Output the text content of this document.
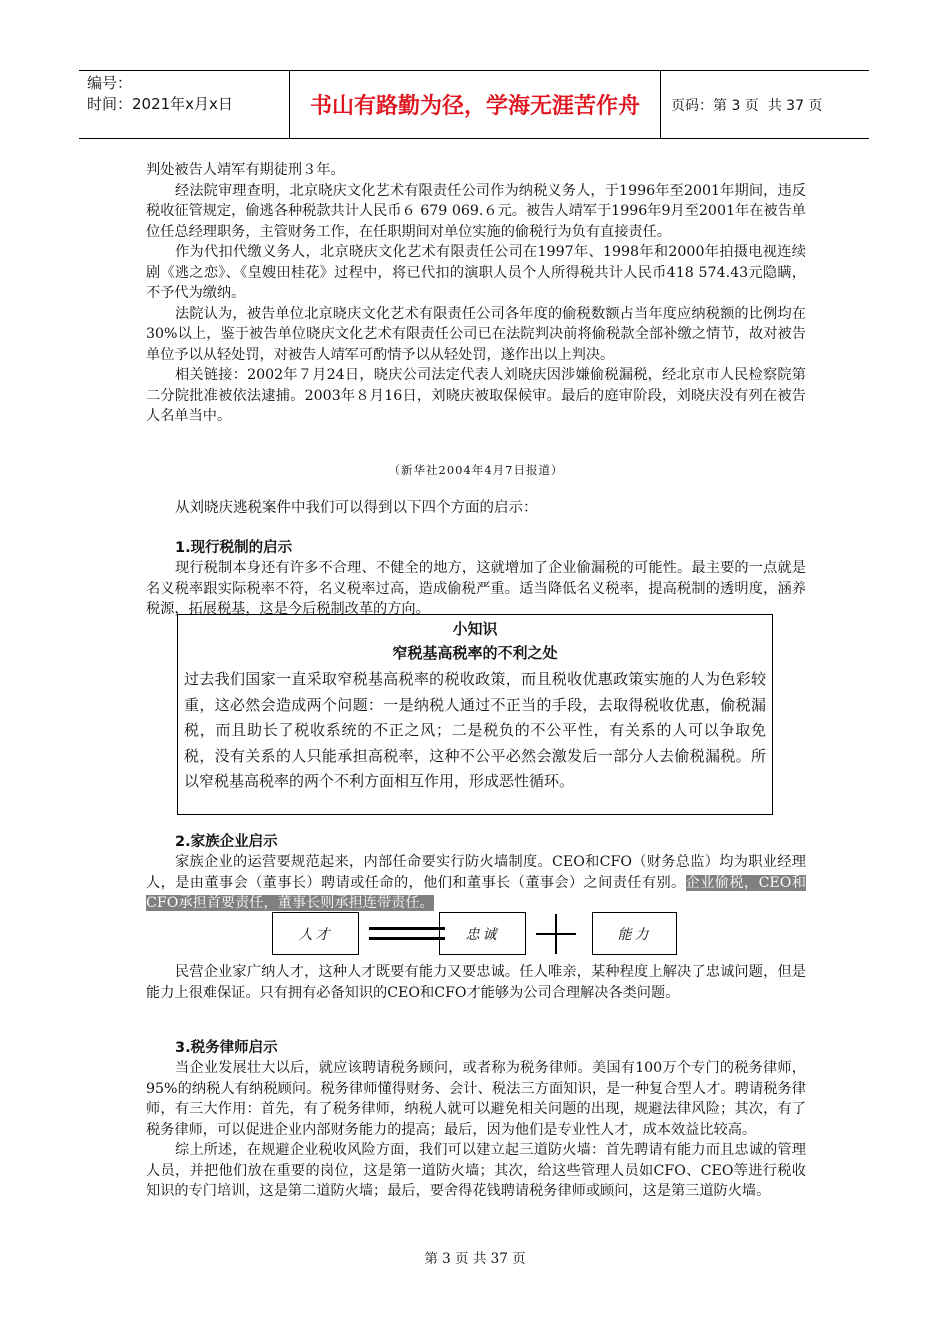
编号：
时间：2021年x月x日	书山有路勤为径，学海无涯苦作舟	页码：第 3 页  共 37 页

判处被告人靖军有期徒刑３年。

经法院审理查明，北京晓庆文化艺术有限责任公司作为纳税义务人，于1996年至2001年期间，违反税收征管规定，偷逃各种税款共计人民币６ 679 069.６元。被告人靖军于1996年9月至2001年在被告单位任总经理职务，主管财务工作，在任职期间对单位实施的偷税行为负有直接责任。

作为代扣代缴义务人，北京晓庆文化艺术有限责任公司在1997年、1998年和2000年拍摄电视连续剧《逃之恋》、《皇嫂田桂花》过程中，将已代扣的演职人员个人所得税共计人民币418 574.43元隐瞒，不予代为缴纳。

法院认为，被告单位北京晓庆文化艺术有限责任公司各年度的偷税数额占当年度应纳税额的比例均在30%以上，鉴于被告单位晓庆文化艺术有限责任公司已在法院判决前将偷税款全部补缴之情节，故对被告单位予以从轻处罚，对被告人靖军可酌情予以从轻处罚，遂作出以上判决。

相关链接：2002年７月24日，晓庆公司法定代表人刘晓庆因涉嫌偷税漏税，经北京市人民检察院第二分院批准被依法逮捕。2003年８月16日，刘晓庆被取保候审。最后的庭审阶段，刘晓庆没有列在被告人名单当中。

（新华社2004年4月7日报道）

从刘晓庆逃税案件中我们可以得到以下四个方面的启示：

1.现行税制的启示

现行税制本身还有许多不合理、不健全的地方，这就增加了企业偷漏税的可能性。最主要的一点就是名义税率跟实际税率不符，名义税率过高，造成偷税严重。适当降低名义税率，提高税制的透明度，涵养税源，拓展税基，这是今后税制改革的方向。

小知识
窄税基高税率的不利之处
过去我们国家一直采取窄税基高税率的税收政策，而且税收优惠政策实施的人为色彩较重，这必然会造成两个问题：一是纳税人通过不正当的手段，去取得税收优惠，偷税漏税，而且助长了税收系统的不正之风；二是税负的不公平性，有关系的人可以争取免税，没有关系的人只能承担高税率，这种不公平必然会激发后一部分人去偷税漏税。所以窄税基高税率的两个不利方面相互作用，形成恶性循环。
2.家族企业启示

家族企业的运营要规范起来，内部任命要实行防火墙制度。CEO和CFO（财务总监）均为职业经理人，是由董事会（董事长）聘请或任命的，他们和董事长（董事会）之间责任有别。企业偷税，CEO和CFO承担首要责任，董事长则承担连带责任。

人才	忠诚	能力

民营企业家广纳人才，这种人才既要有能力又要忠诚。任人唯亲，某种程度上解决了忠诚问题，但是能力上很难保证。只有拥有必备知识的CEO和CFO才能够为公司合理解决各类问题。

3.税务律师启示

当企业发展壮大以后，就应该聘请税务顾问，或者称为税务律师。美国有100万个专门的税务律师，95%的纳税人有纳税顾问。税务律师懂得财务、会计、税法三方面知识，是一种复合型人才。聘请税务律师，有三大作用：首先，有了税务律师，纳税人就可以避免相关问题的出现，规避法律风险；其次，有了税务律师，可以促进企业内部财务能力的提高；最后，因为他们是专业性人才，成本效益比较高。

综上所述，在规避企业税收风险方面，我们可以建立起三道防火墙：首先聘请有能力而且忠诚的管理人员，并把他们放在重要的岗位，这是第一道防火墙；其次，给这些管理人员如CFO、CEO等进行税收知识的专门培训，这是第二道防火墙；最后，要舍得花钱聘请税务律师或顾问，这是第三道防火墙。

第 3 页 共 37 页
